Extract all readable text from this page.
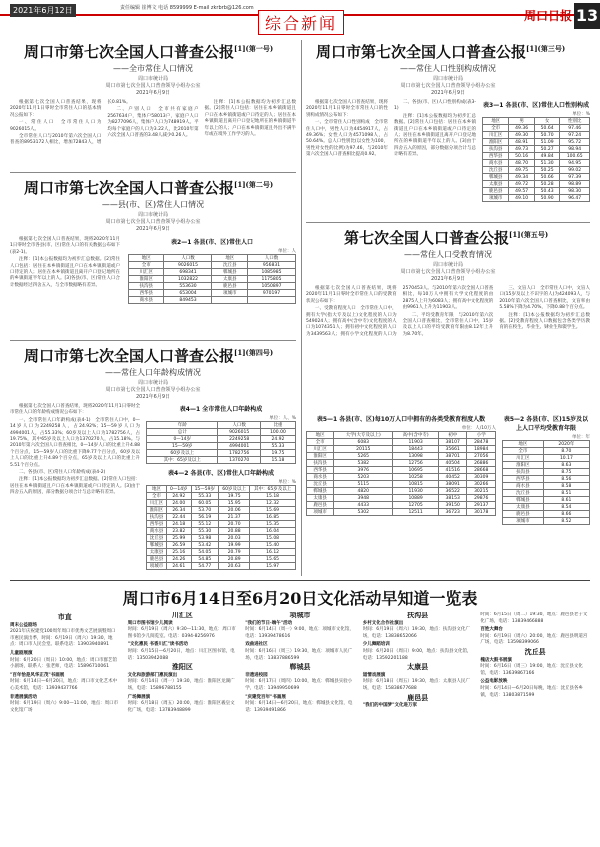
2021年6月12日	责任编辑 崔博文 电话 8599999 E-mail zkrbrb@126.com
综合新闻	周口日报 13
周口市第七次全国人口普查公报$^{[1](第一号)}$
——全市常住人口情况
周口市统计局
周口市第七次全国人口普查领导小组办公室
2021年6月9日

根据第七次全国人口普查结果，现将2020年11月1日零时全市常住人口的基本情况公报如下：

一、常住人口　全市常住人口为9026015人。

全市常住人口与2010年第六次全国人口普查的8953172人相比，增加72843人，增长0.81%。

二、户别人口　全市共有家庭户2567634户，集体户58013户，家庭户人口为8277096人，集体户人口为748919人。平均每个家庭户的人口为3.22人，比2010年第六次全国人口普查的3.48人减少0.26人。

注释：[1]本公报数据均为初步汇总数据。[2]常住人口包括：居住在本乡镇街道且户口在本乡镇街道或户口待定的人；居住在本乡镇街道且离开户口登记地所在的乡镇街道半年以上的人；户口在本乡镇街道且外出不满半年或在境外工作学习的人。

周口市第七次全国人口普查公报$^{[1](第二号)}$
——县(市、区)常住人口情况
周口市统计局
周口市第七次全国人口普查领导小组办公室
2021年6月9日

根据第七次全国人口普查结果，现将2020年11月1日零时全市各县(市、区)常住人口的有关数据公布如下(表2-1)。

注释：[1]本公报数据均为初步汇总数据。[2]常住人口包括：居住在本乡镇街道且户口在本乡镇街道或户口待定的人；居住在本乡镇街道且离开户口登记地所在的乡镇街道半年以上的人。[3]各县(市、区)常住人口合计数据经过四舍五入，与全市数据略有差异。

表2—1 各县(市、区)常住人口
单位：人
地区	人口数	地区	人口数
全市	9026015	沈丘县	956831
川汇区	698341	郸城县	1085985
淮阳区	1032822	太康县	1175805
扶沟县	553630	鹿邑县	1050897
西华县	653004	项城市	970197
商水县	849453		
周口市第七次全国人口普查公报$^{[1](第四号)}$
——常住人口年龄构成情况
周口市统计局
周口市第七次全国人口普查领导小组办公室
2021年6月9日

根据第七次全国人口普查结果，现将2020年11月1日零时全市常住人口的年龄构成情况公布如下：

一、全市常住人口年龄构成(表4-1)　全市常住人口中，0—14岁人口为2249258人，占24.92%；15—59岁人口为4994001人，占55.33%；60岁及以上人口为1782756人，占19.75%，其中65岁及以上人口为1370270人，占15.18%。与2010年第六次全国人口普查相比，0—14岁人口的比重上升4.88个百分点，15—59岁人口的比重下降9.77个百分点，60岁及以上人口的比重上升4.89个百分点，65岁及以上人口的比重上升5.51个百分点。

二、各县(市、区)常住人口年龄构成(表4-2)

注释：[1]本公报数据均为初步汇总数据。[2]常住人口包括：居住在本乡镇街道且户口在本乡镇街道或户口待定的人。[3]由于四舍五入的原因，部分数据分项合计与总计略有差异。

表4—1 全市常住人口年龄构成
单位：人、%
年龄	人口数	比重
总计	9026015	100.00
0—14岁	2249258	24.92
15—59岁	4994001	55.33
60岁及以上	1782756	19.75
其中：65岁及以上	1370270	15.18
表4—2 各县(市、区)常住人口年龄构成
单位：%
地区	0—14岁	15—59岁	60岁及以上	其中：65岁及以上
全市	24.92	55.33	19.75	15.18
川汇区	24.00	60.05	15.95	12.32
淮阳区	26.34	53.70	20.06	15.69
扶沟县	22.44	56.19	21.37	16.85
西华县	24.18	55.12	20.70	15.35
商水县	23.82	55.30	20.88	16.04
沈丘县	25.99	53.98	20.03	15.08
郸城县	26.59	53.42	19.99	15.40
太康县	25.16	54.05	20.79	16.12
鹿邑县	24.26	54.85	20.89	15.65
项城市	24.61	54.77	20.63	15.97
周口市第七次全国人口普查公报$^{[1](第三号)}$
——常住人口性别构成情况
周口市统计局
周口市第七次全国人口普查领导小组办公室
2021年6月9日

根据第七次全国人口普查结果，现将2020年11月1日零时全市常住人口的性别构成情况公布如下：

一、全市常住人口性别构成　全市常住人口中，男性人口为4454917人，占49.36%；女性人口为4571098人，占50.64%。总人口性别比(以女性为100，男性对女性的比例)为97.46，与2010年第六次全国人口普查相比提高0.92。

二、各县(市、区)人口性别构成(表3-1)

注释：[1]本公报数据均为初步汇总数据。[2]常住人口包括：居住在本乡镇街道且户口在本乡镇街道或户口待定的人；居住在本乡镇街道且离开户口登记地所在的乡镇街道半年以上的人。[3]由于四舍五入的原因，部分数据分项合计与总计略有差异。

表3—1 各县(市、区)常住人口性别构成
单位：%
地区	男	女	性别比
全市	49.36	50.64	97.46
川汇区	49.30	50.70	97.24
淮阳区	48.91	51.09	95.72
扶沟县	49.73	50.27	98.94
西华县	50.16	49.84	100.65
商水县	48.70	51.30	94.95
沈丘县	49.75	50.25	99.02
郸城县	49.34	50.66	97.39
太康县	49.72	50.28	98.89
鹿邑县	49.57	50.43	98.30
项城市	49.10	50.90	96.47
第七次全国人口普查公报$^{[1](第五号)}$
——常住人口受教育情况
周口市统计局
周口市第七次全国人口普查领导小组办公室
2021年6月9日

根据第七次全国人口普查结果，现将2020年11月1日零时全市常住人口的受教育状况公布如下：

一、受教育程度人口　全市常住人口中，拥有大学(指大专及以上)文化程度的人口为549024人；拥有高中(含中专)文化程度的人口为1074351人；拥有初中文化程度的人口为3439563人；拥有小学文化程度的人口为2570453人。与2010年第六次全国人口普查相比，每10万人中拥有大学文化程度的由2875人上升为6083人；拥有高中文化程度的由9961人上升为11903人。

二、平均受教育年限　与2010年第六次全国人口普查相比，全市常住人口中，15岁及以上人口的平均受教育年限由8.12年上升为8.70年。

三、文盲人口　全市常住人口中，文盲人口(15岁及以上不识字的人)为424093人，与2010年第六次全国人口普查相比，文盲率由5.58%下降为4.70%，下降0.88个百分点。

注释：[1]本公报数据均为初步汇总数据。[2]受教育程度人口数据包含各类学历教育的在校生、毕业生、肄业生和辍学生。

表5—1 各县(市、区)每10万人口中拥有的各类受教育程度人数
单位：人/10万人
地区	大学(大专及以上)	高中(含中专)	初中	小学
全市	6083	11903	38107	28478
川汇区	20115	18443	35661	18984
淮阳区	5265	13098	38701	27056
扶沟县	5382	12756	40504	26886
西华县	3976	10695	41516	28668
商水县	5203	10258	40452	30309
沈丘县	5115	10815	38091	30266
郸城县	4820	11930	36522	30215
太康县	3948	10889	38153	29876
鹿邑县	4433	12705	39150	29137
项城市	5302	12511	36723	30178
表5—2 各县(市、区)15岁及以上人口平均受教育年限
单位：年
地区	2020年
全市	8.70
川汇区	10.17
淮阳区	8.63
扶沟县	8.75
西华县	8.56
商水县	8.58
沈丘县	8.51
郸城县	8.61
太康县	8.54
鹿邑县	8.66
项城市	8.52
周口市6月14日至6月20日文化活动早知道一览表
市直
周末公益剧场
2021年庆祝建党100周年周口市优秀文艺展演暨周口市惠民演出季，时间：6月19日（周六）19:30，地点：周口市人民会堂。联系电话：13903940891
儿童剧展演
时间：6月20日（周日）10:00，地点：周口市群艺馆小剧场，联系人：张老师，电话：15896710061
"百年恰是风华正茂"书画展
时间：6月14日—6月20日，地点：周口市文化艺术中心美术馆，电话：13939437766
非遗展演活动
时间：6月19日（周六）9:00—11:00，地点：周口市文化馆广场
川汇区
周口市图书馆少儿阅读
时间：6月19日（周六）9:30—11:30，地点：周口市图书馆少儿阅览室。电话：0394-8256976
"文化惠民 书香川汇"读书活动
时间：6月15日—6月20日，地点：川汇区图书馆，电话：13503942088
淮阳区
文化和旅游部门惠民演出
时间：6月14日（周一）19:30，地点：淮阳区龙湖广场，电话：15896788155
广场舞展演
时间：6月18日（周五）20:00，地点：淮阳区羲皇文化广场，电话：13783948899
项城市
"我们的节日·端午"活动
时间：6月14日（周一）9:00，地点：项城市文化馆，电话：13939478616
戏曲进社区
时间：6月16日（周三）19:30，地点：项城市人民广场，电话：13837886599
郸城县
非遗进校园
时间：6月17日（周四）10:00，地点：郸城县实验小学，电话：13949950699
"庆建党百年"书画展
时间：6月14日—6月20日，地点：郸城县文化馆，电话：13939491866
扶沟县
乡村文化合作社演出
时间：6月19日（周六）19:30，地点：扶沟县文化广场，电话：13838652066
少儿舞蹈培训
时间：6月20日（周日）9:00，地点：扶沟县文化馆，电话：13592201188
太康县
道情戏展演
时间：6月18日（周五）19:30，地点：太康县人民广场，电话：15838677688
鹿邑县
"我们的中国梦"文化进万家
时间：6月15日（周二）19:30，地点：鹿邑县老子文化广场，电话：13839466888
百姓大舞台
时间：6月19日（周六）20:00，地点：鹿邑县明道宫广场，电话：13598399066
沈丘县
槐店大鼓书展演
时间：6月16日（周三）19:00，地点：沈丘县文化馆，电话：13639867166
公益电影放映
时间：6月14日—6月20日每晚，地点：沈丘县各乡镇，电话：13803871599
